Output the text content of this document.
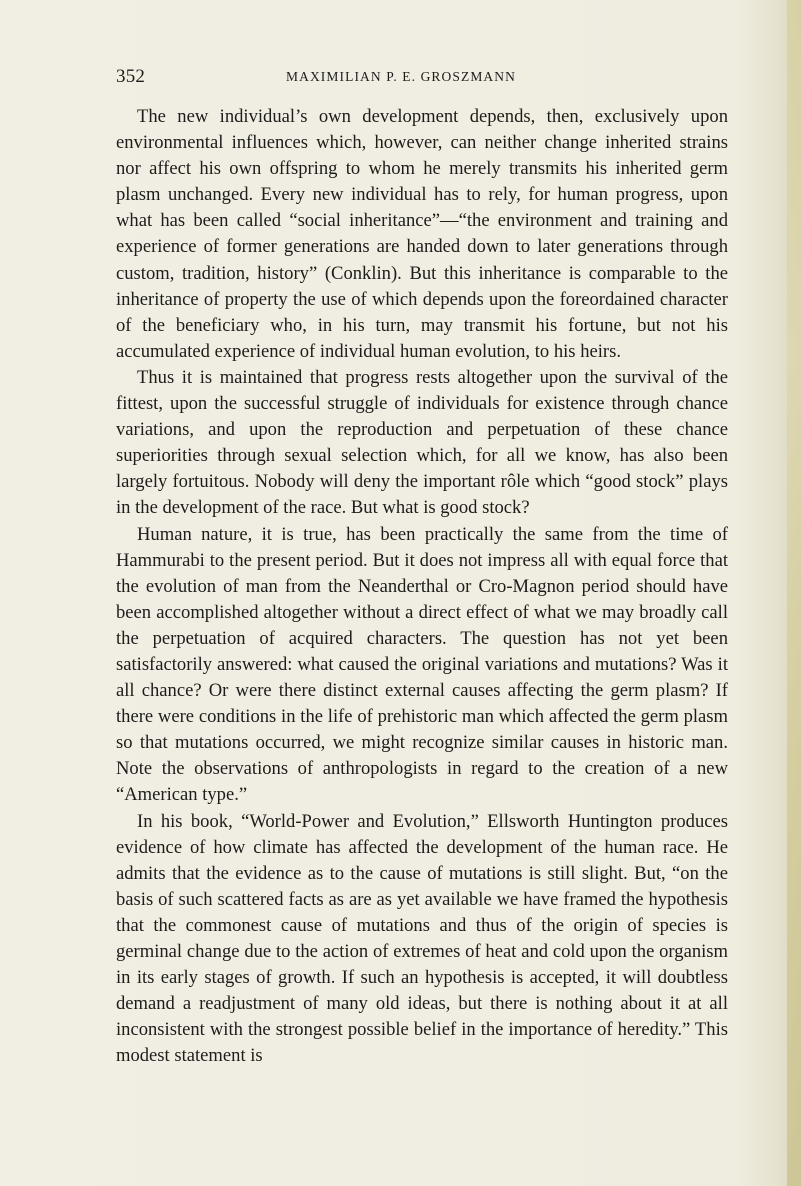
352	MAXIMILIAN P. E. GROSZMANN

The new individual’s own development depends, then, exclusively upon environmental influences which, however, can neither change inherited strains nor affect his own offspring to whom he merely transmits his inherited germ plasm unchanged. Every new individual has to rely, for human progress, upon what has been called “social inheritance”—“the environment and training and experience of former generations are handed down to later generations through custom, tradition, history” (Conklin). But this inheritance is comparable to the inheritance of property the use of which depends upon the foreordained character of the beneficiary who, in his turn, may transmit his fortune, but not his accumulated experience of individual human evolution, to his heirs.

Thus it is maintained that progress rests altogether upon the survival of the fittest, upon the successful struggle of individuals for existence through chance variations, and upon the reproduction and perpetuation of these chance superiorities through sexual selection which, for all we know, has also been largely fortuitous. Nobody will deny the important rôle which “good stock” plays in the development of the race. But what is good stock?

Human nature, it is true, has been practically the same from the time of Hammurabi to the present period. But it does not impress all with equal force that the evolution of man from the Neanderthal or Cro-Magnon period should have been accomplished altogether without a direct effect of what we may broadly call the perpetuation of acquired characters. The question has not yet been satisfactorily answered: what caused the original variations and mutations? Was it all chance? Or were there distinct external causes affecting the germ plasm? If there were conditions in the life of prehistoric man which affected the germ plasm so that mutations occurred, we might recognize similar causes in historic man. Note the observations of anthropologists in regard to the creation of a new “American type.”

In his book, “World-Power and Evolution,” Ellsworth Huntington produces evidence of how climate has affected the development of the human race. He admits that the evidence as to the cause of mutations is still slight. But, “on the basis of such scattered facts as are as yet available we have framed the hypothesis that the commonest cause of mutations and thus of the origin of species is germinal change due to the action of extremes of heat and cold upon the organism in its early stages of growth. If such an hypothesis is accepted, it will doubtless demand a readjustment of many old ideas, but there is nothing about it at all inconsistent with the strongest possible belief in the importance of heredity.” This modest statement is
